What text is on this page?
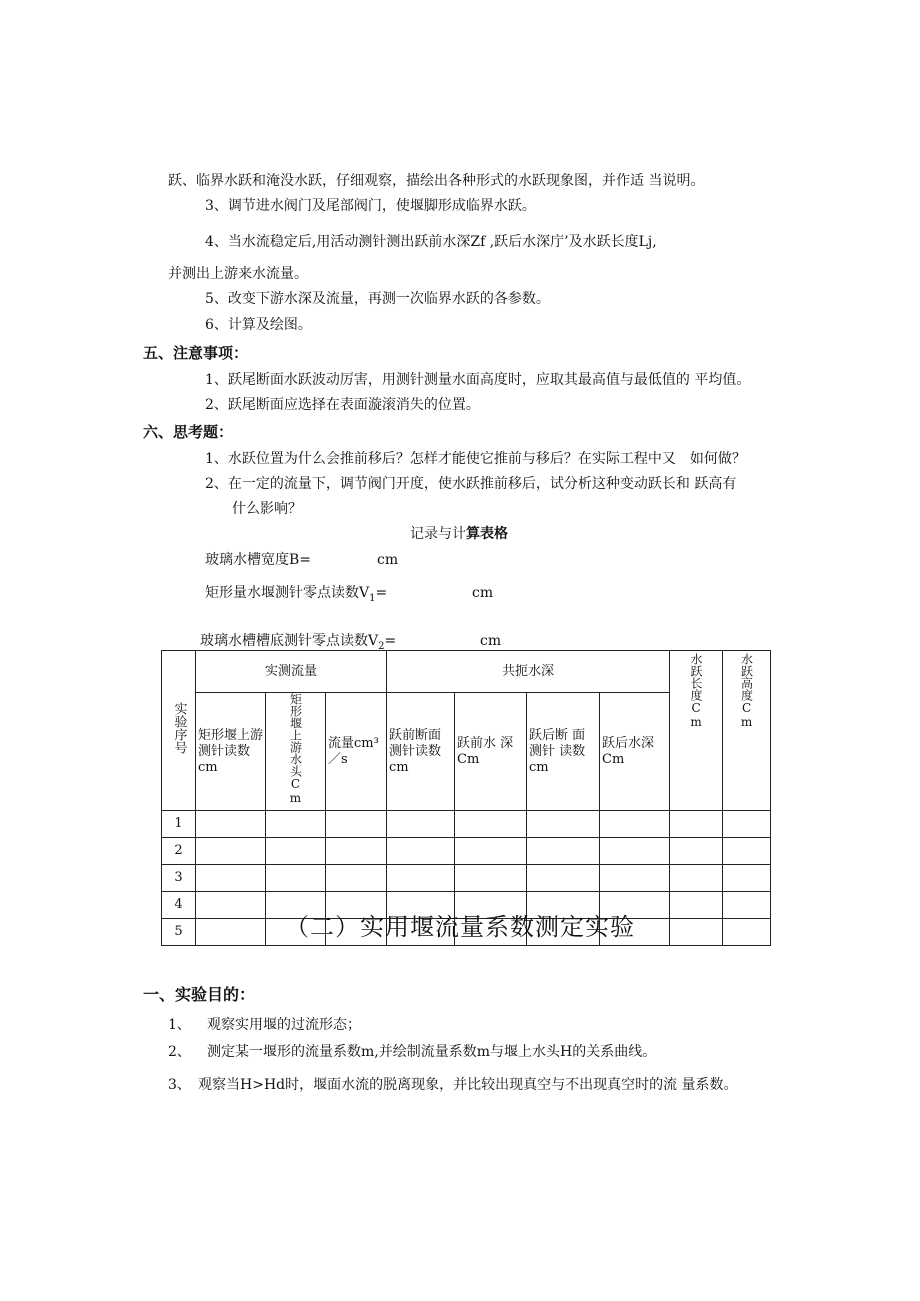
跃、临界水跃和淹没水跃，仔细观察，描绘出各种形式的水跃现象图，并作适 当说明。
3、调节进水阀门及尾部阀门，使堰脚形成临界水跃。
4、当水流稳定后,用活动测针测出跃前水深Zf ,跃后水深庁’及水跃长度Lj,
并测出上游来水流量。
5、改变下游水深及流量，再测一次临界水跃的各参数。
6、计算及绘图。
五、注意事项：
1、跃尾断面水跃波动厉害，用测针测量水面高度时，应取其最高值与最低值的 平均值。
2、跃尾断面应选择在表面漩滚消失的位置。
六、思考题：
1、水跃位置为什么会推前移后？怎样才能使它推前与移后？在实际工程中又　如何做？
2、在一定的流量下，调节阀门开度，使水跃推前移后，试分析这种变动跃长和 跃高有
什么影响？
记录与计算表格
玻璃水槽宽度B=	cm
矩形量水堰测针零点读数$V_1=$	cm
玻璃水槽槽底测针零点读数$V_2=$	cm
实验序号	实测流量			共扼水深				水跃长度Cm	水跃高度Cm
	矩形堰上游测针读数cm	矩形堰上游水头Cm	流量cm³／s	跃前断面测针读数cm	跃前水 深Cm	跃后断 面测针 读数cm	跃后水深Cm		
1									
2									
3									
4									
5										（二）实用堰流量系数测定实验
一、实验目的：
1、 观察实用堰的过流形态；
2、 测定某一堰形的流量系数m,并绘制流量系数m与堰上水头H的关系曲线。
3、 观察当H>Hd时，堰面水流的脱离现象，并比较出现真空与不出现真空时的流 量系数。
